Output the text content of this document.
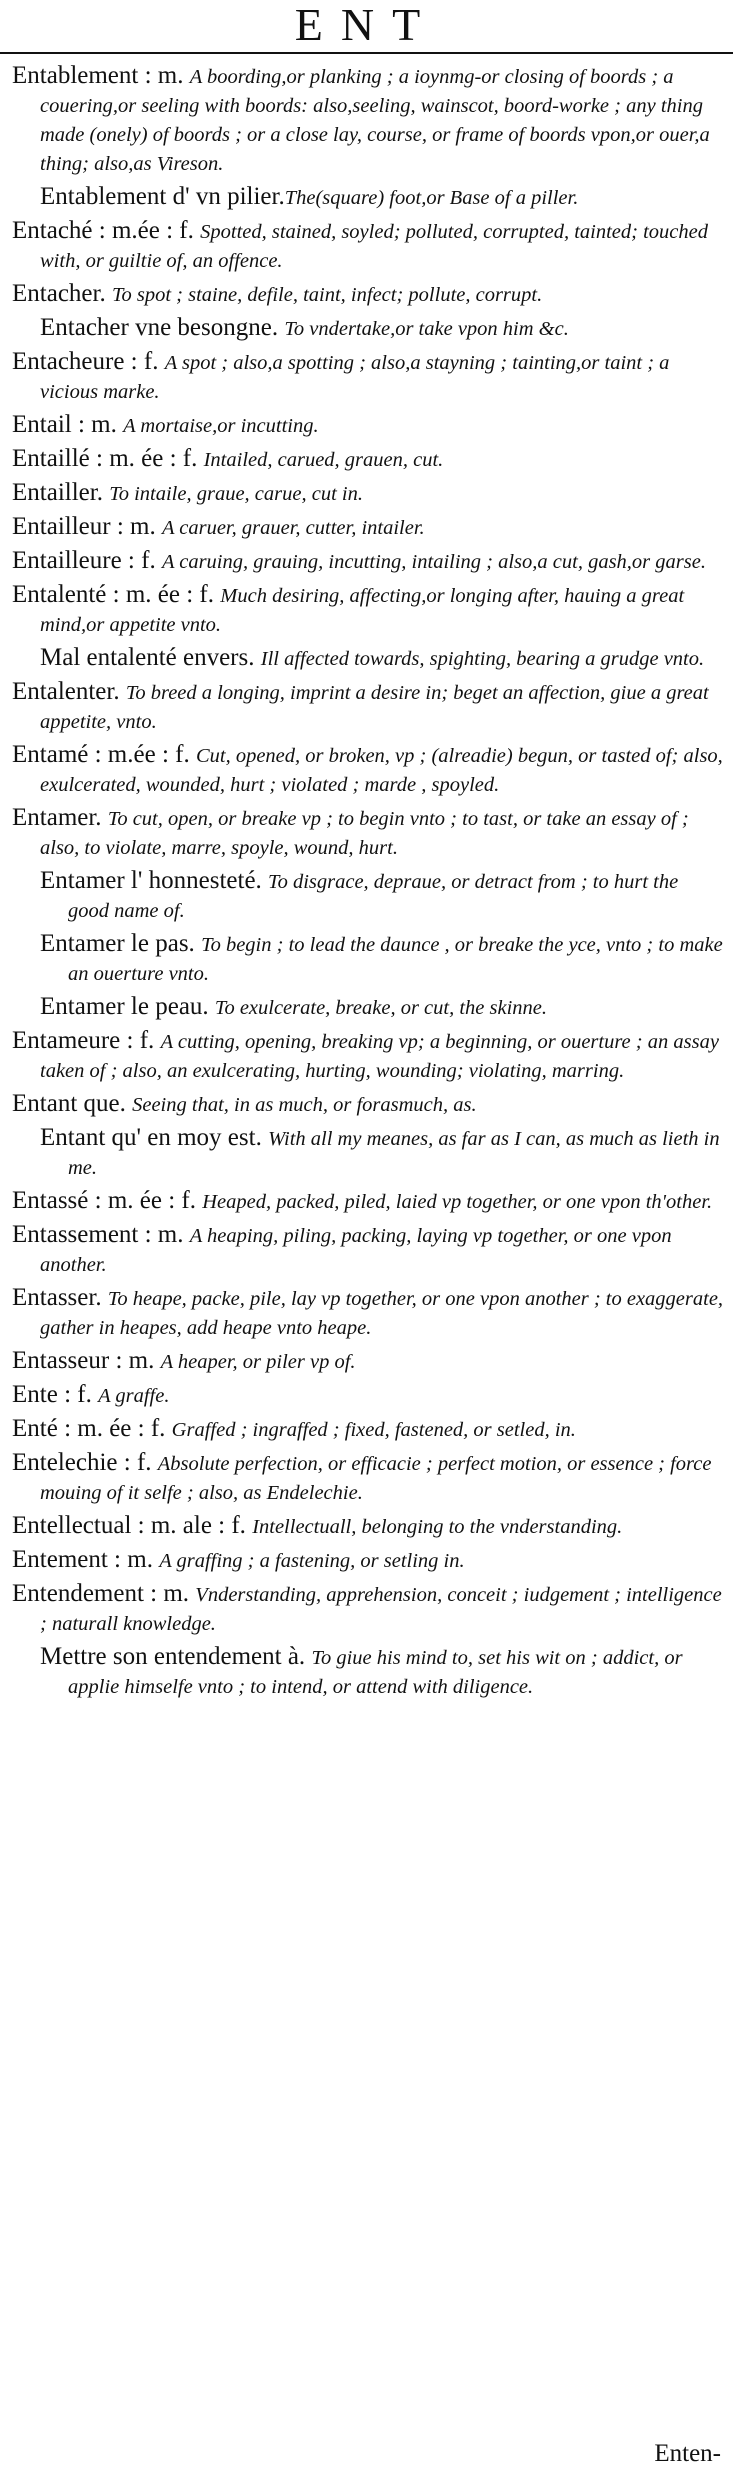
ENT

Entablement : m. A boording,or planking ; a ioynmg-or closing of boords ; a couering,or seeling with boords: also,seeling, wainscot, boord-worke ; any thing made (onely) of boords ; or a close lay, course, or frame of boords vpon,or ouer,a thing; also,as Vireson.

Entablement d' vn pilier.The(square) foot,or Base of a piller.

Entaché : m.ée : f. Spotted, stained, soyled; polluted, corrupted, tainted; touched with, or guiltie of, an offence.

Entacher. To spot ; staine, defile, taint, infect; pollute, corrupt.

Entacher vne besongne. To vndertake,or take vpon him &c.

Entacheure : f. A spot ; also,a spotting ; also,a stayning ; tainting,or taint ; a vicious marke.

Entail : m. A mortaise,or incutting.

Entaillé : m. ée : f. Intailed, carued, grauen, cut.

Entailler. To intaile, graue, carue, cut in.

Entailleur : m. A caruer, grauer, cutter, intailer.

Entailleure : f. A caruing, grauing, incutting, intailing ; also,a cut, gash,or garse.

Entalenté : m. ée : f. Much desiring, affecting,or longing after, hauing a great mind,or appetite vnto.

Mal entalenté envers. Ill affected towards, spighting, bearing a grudge vnto.

Entalenter. To breed a longing, imprint a desire in; beget an affection, giue a great appetite, vnto.

Entamé : m.ée : f. Cut, opened, or broken, vp ; (alreadie) begun, or tasted of; also, exulcerated, wounded, hurt ; violated ; marde , spoyled.

Entamer. To cut, open, or breake vp ; to begin vnto ; to tast, or take an essay of ; also, to violate, marre, spoyle, wound, hurt.

Entamer l' honnesteté. To disgrace, depraue, or detract from ; to hurt the good name of.

Entamer le pas. To begin ; to lead the daunce , or breake the yce, vnto ; to make an ouerture vnto.

Entamer le peau. To exulcerate, breake, or cut, the skinne.

Entameure : f. A cutting, opening, breaking vp; a beginning, or ouerture ; an assay taken of ; also, an exulcerating, hurting, wounding; violating, marring.

Entant que. Seeing that, in as much, or forasmuch, as.

Entant qu' en moy est. With all my meanes, as far as I can, as much as lieth in me.

Entassé : m. ée : f. Heaped, packed, piled, laied vp together, or one vpon th'other.

Entassement : m. A heaping, piling, packing, laying vp together, or one vpon another.

Entasser. To heape, packe, pile, lay vp together, or one vpon another ; to exaggerate, gather in heapes, add heape vnto heape.

Entasseur : m. A heaper, or piler vp of.

Ente : f. A graffe.

Enté : m. ée : f. Graffed ; ingraffed ; fixed, fastened, or setled, in.

Entelechie : f. Absolute perfection, or efficacie ; perfect motion, or essence ; force mouing of it selfe ; also, as Endelechie.

Entellectual : m. ale : f. Intellectuall, belonging to the vnderstanding.

Entement : m. A graffing ; a fastening, or setling in.

Entendement : m. Vnderstanding, apprehension, conceit ; iudgement ; intelligence ; naturall knowledge.

Mettre son entendement à. To giue his mind to, set his wit on ; addict, or applie himselfe vnto ; to intend, or attend with diligence.

Enten-
